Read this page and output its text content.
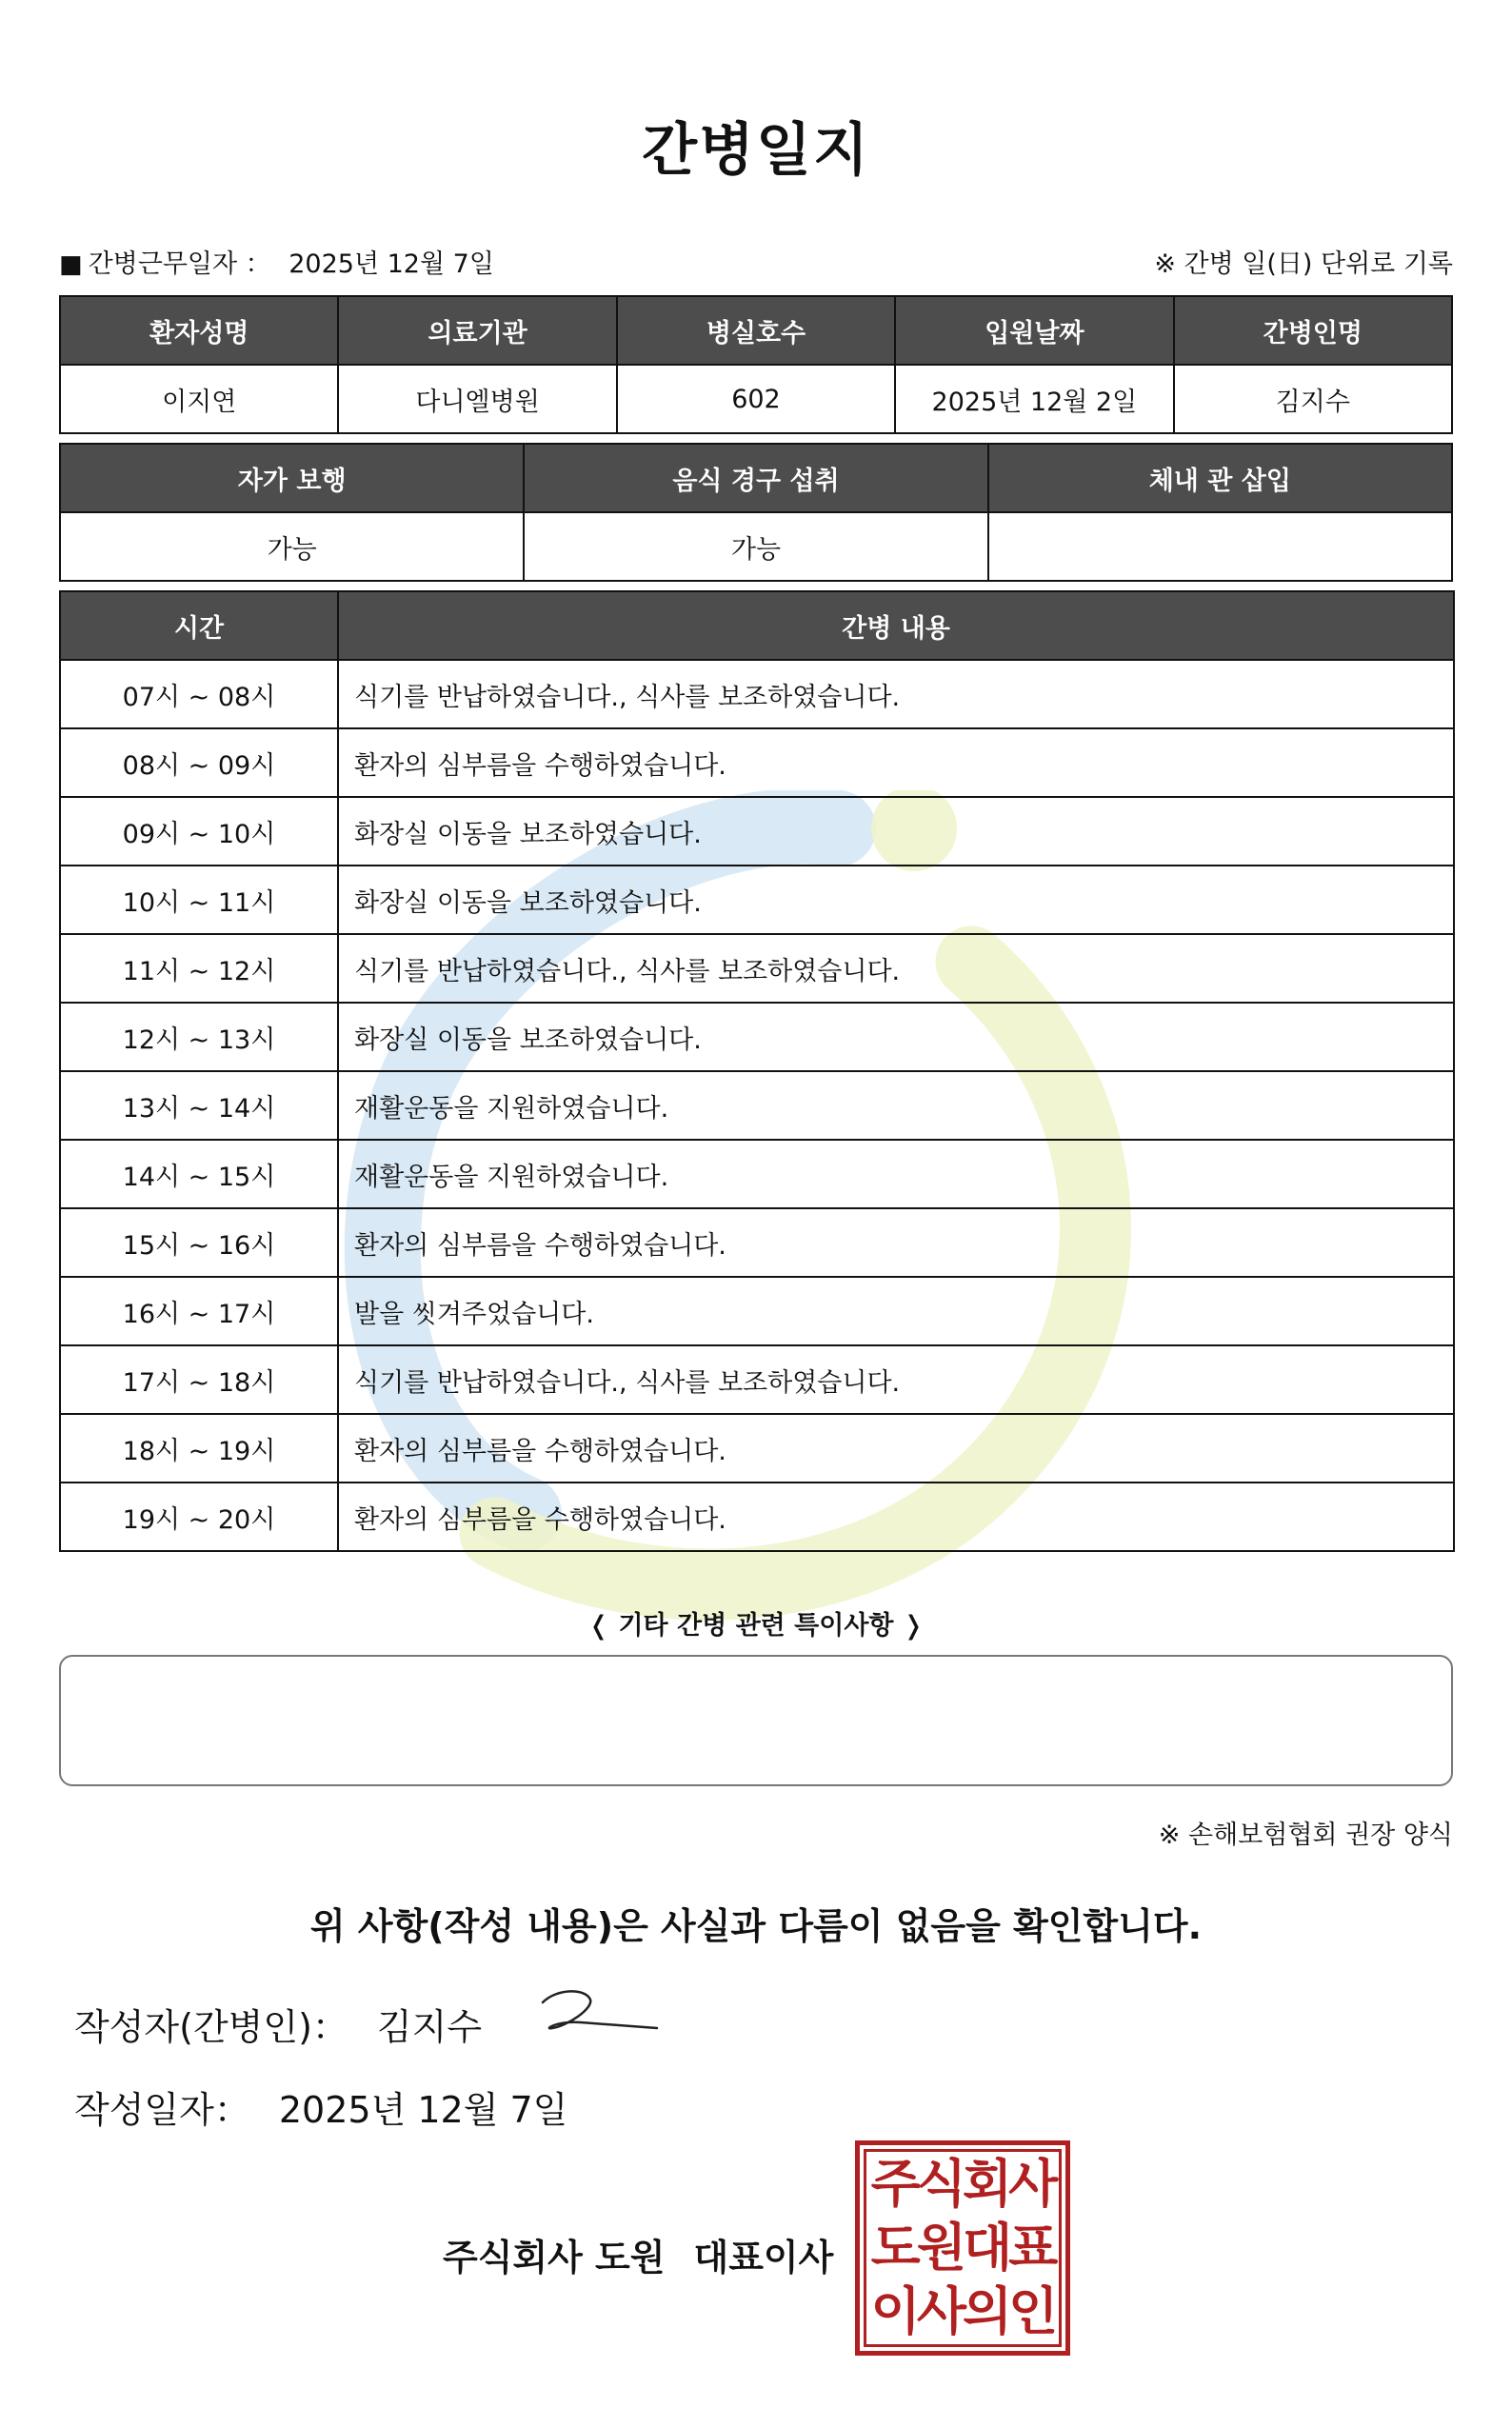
간병일지
■ 간병근무일자 ： 2025년 12월 7일	※ 간병 일(日) 단위로 기록
환자성명	의료기관	병실호수	입원날짜	간병인명
이지연	다니엘병원	602	2025년 12월 2일	김지수
자가 보행	음식 경구 섭취	체내 관 삽입
가능	가능	
시간	간병 내용
07시 ~ 08시	식기를 반납하였습니다., 식사를 보조하였습니다.
08시 ~ 09시	환자의 심부름을 수행하였습니다.
09시 ~ 10시	화장실 이동을 보조하였습니다.
10시 ~ 11시	화장실 이동을 보조하였습니다.
11시 ~ 12시	식기를 반납하였습니다., 식사를 보조하였습니다.
12시 ~ 13시	화장실 이동을 보조하였습니다.
13시 ~ 14시	재활운동을 지원하였습니다.
14시 ~ 15시	재활운동을 지원하였습니다.
15시 ~ 16시	환자의 심부름을 수행하였습니다.
16시 ~ 17시	발을 씻겨주었습니다.
17시 ~ 18시	식기를 반납하였습니다., 식사를 보조하였습니다.
18시 ~ 19시	환자의 심부름을 수행하였습니다.
19시 ~ 20시	환자의 심부름을 수행하였습니다.
❬ 기타 간병 관련 특이사항 ❭
※ 손해보험협회 권장 양식
위 사항(작성 내용)은 사실과 다름이 없음을 확인합니다.
작성자(간병인)： 김지수
작성일자： 2025년 12월 7일
주식회사 도원 대표이사
주식회사
도원대표
이사의인
